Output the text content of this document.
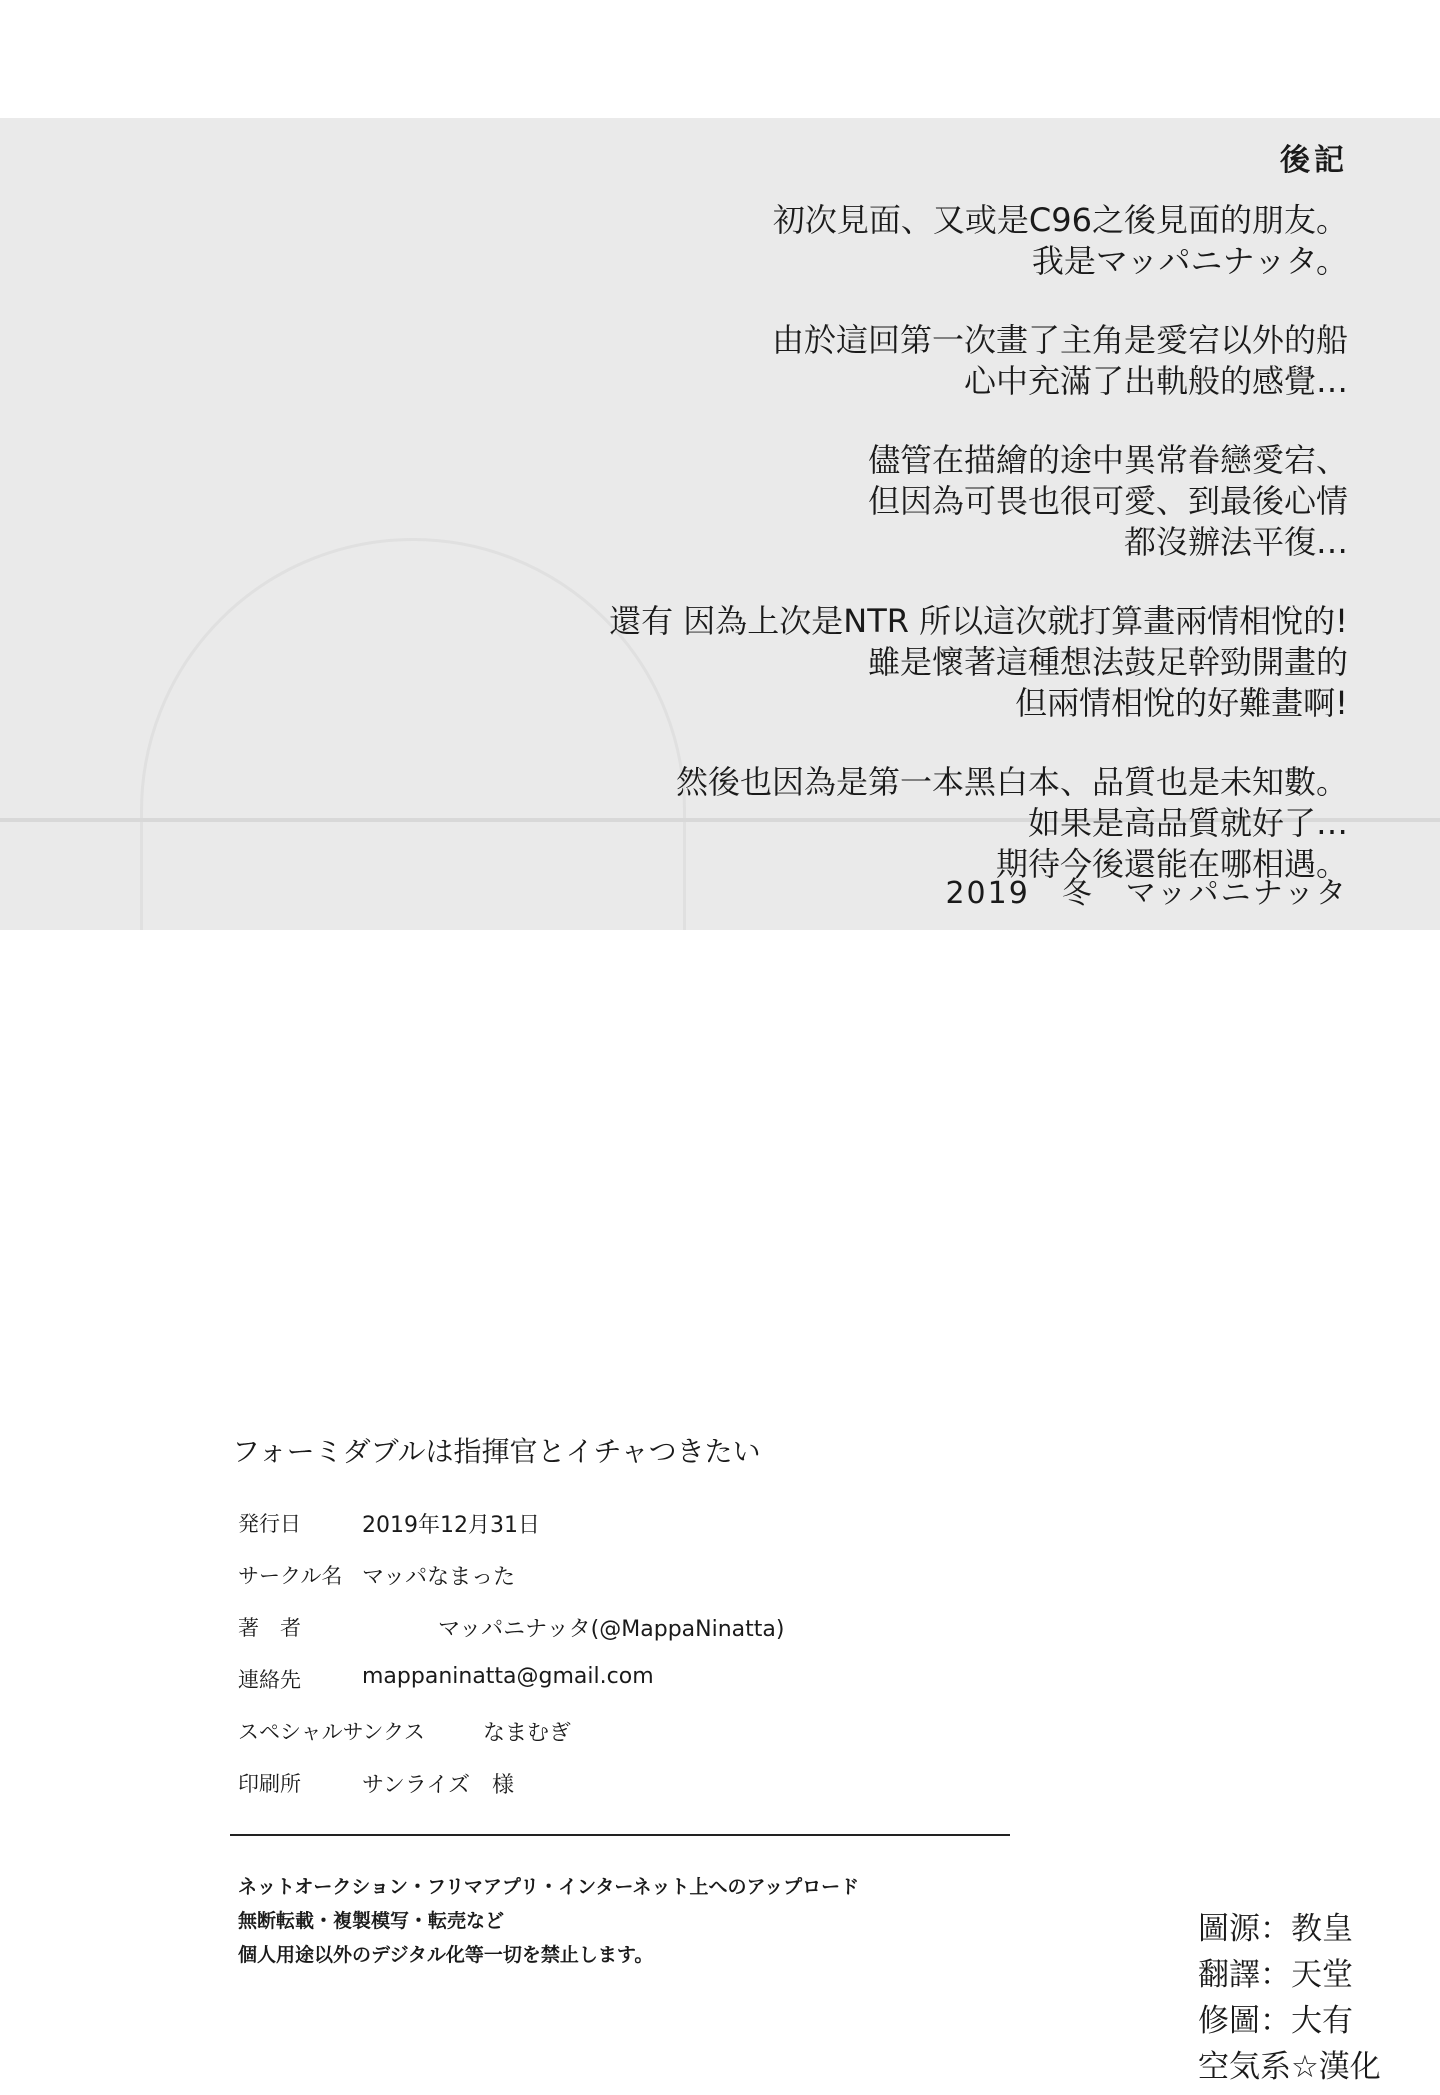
後記
初次見面、又或是C96之後見面的朋友。
我是マッパニナッタ。
由於這回第一次畫了主角是愛宕以外的船
心中充滿了出軌般的感覺…
儘管在描繪的途中異常眷戀愛宕、
但因為可畏也很可愛、到最後心情
都沒辦法平復…
還有 因為上次是NTR 所以這次就打算畫兩情相悅的!
雖是懷著這種想法鼓足幹勁開畫的
但兩情相悅的好難畫啊!
然後也因為是第一本黑白本、品質也是未知數。
如果是高品質就好了…
期待今後還能在哪相遇。
2019　冬　マッパニナッタ
フォーミダブルは指揮官とイチャつきたい
発行日	2019年12月31日
サークル名 マッパなまった
著　者	マッパニナッタ(@MappaNinatta)
連絡先	mappaninatta@gmail.com
スペシャルサンクス	なまむぎ
印刷所	サンライズ　様
ネットオークション・フリマアプリ・インターネット上へのアップロード
無断転載・複製模写・転売など
個人用途以外のデジタル化等一切を禁止します。
圖源：教皇
翻譯：天堂
修圖：大有
空気系☆漢化
